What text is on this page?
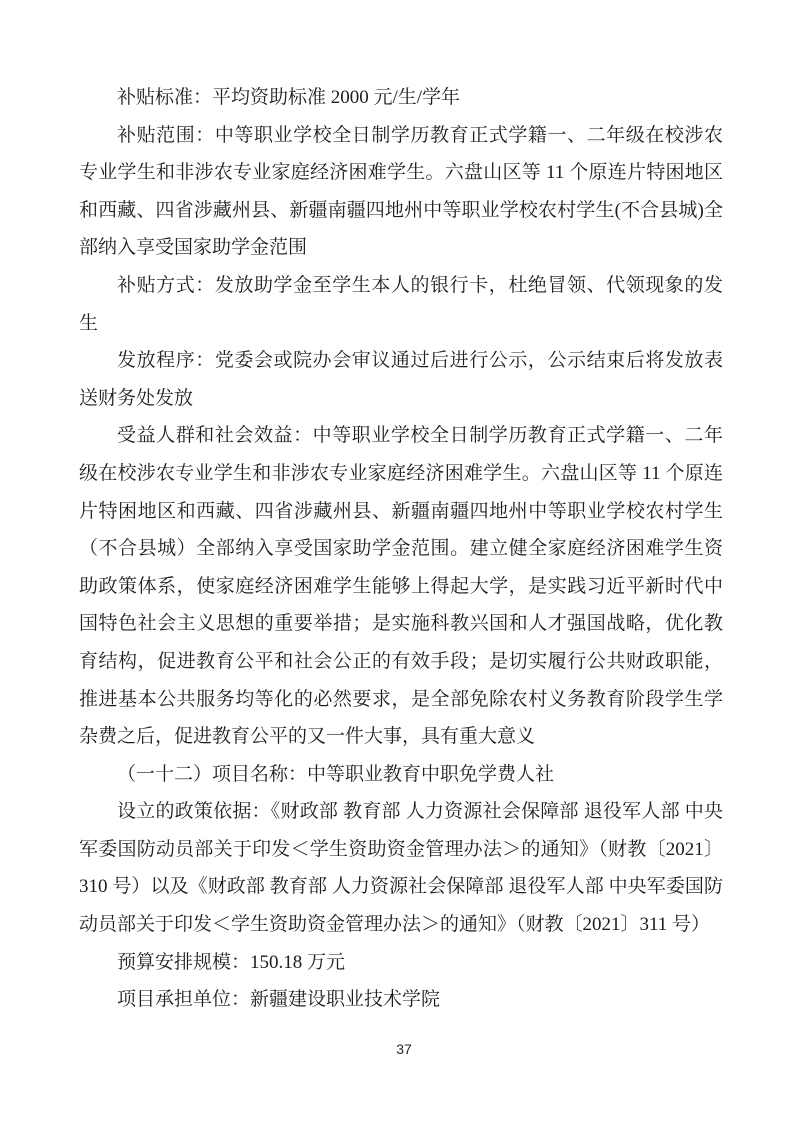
补贴标准：平均资助标准 2000 元/生/学年

补贴范围：中等职业学校全日制学历教育正式学籍一、二年级在校涉农专业学生和非涉农专业家庭经济困难学生。六盘山区等 11 个原连片特困地区和西藏、四省涉藏州县、新疆南疆四地州中等职业学校农村学生(不合县城)全部纳入享受国家助学金范围

补贴方式：发放助学金至学生本人的银行卡，杜绝冒领、代领现象的发生

发放程序：党委会或院办会审议通过后进行公示，公示结束后将发放表送财务处发放

受益人群和社会效益：中等职业学校全日制学历教育正式学籍一、二年级在校涉农专业学生和非涉农专业家庭经济困难学生。六盘山区等 11 个原连片特困地区和西藏、四省涉藏州县、新疆南疆四地州中等职业学校农村学生（不合县城）全部纳入享受国家助学金范围。建立健全家庭经济困难学生资助政策体系，使家庭经济困难学生能够上得起大学，是实践习近平新时代中国特色社会主义思想的重要举措；是实施科教兴国和人才强国战略，优化教育结构，促进教育公平和社会公正的有效手段；是切实履行公共财政职能，推进基本公共服务均等化的必然要求，是全部免除农村义务教育阶段学生学杂费之后，促进教育公平的又一件大事，具有重大意义

（一十二）项目名称：中等职业教育中职免学费人社

设立的政策依据：《财政部 教育部 人力资源社会保障部 退役军人部 中央军委国防动员部关于印发＜学生资助资金管理办法＞的通知》（财教〔2021〕310 号）以及《财政部 教育部 人力资源社会保障部 退役军人部 中央军委国防动员部关于印发＜学生资助资金管理办法＞的通知》（财教〔2021〕311 号）

预算安排规模：150.18 万元

项目承担单位：新疆建设职业技术学院

37
